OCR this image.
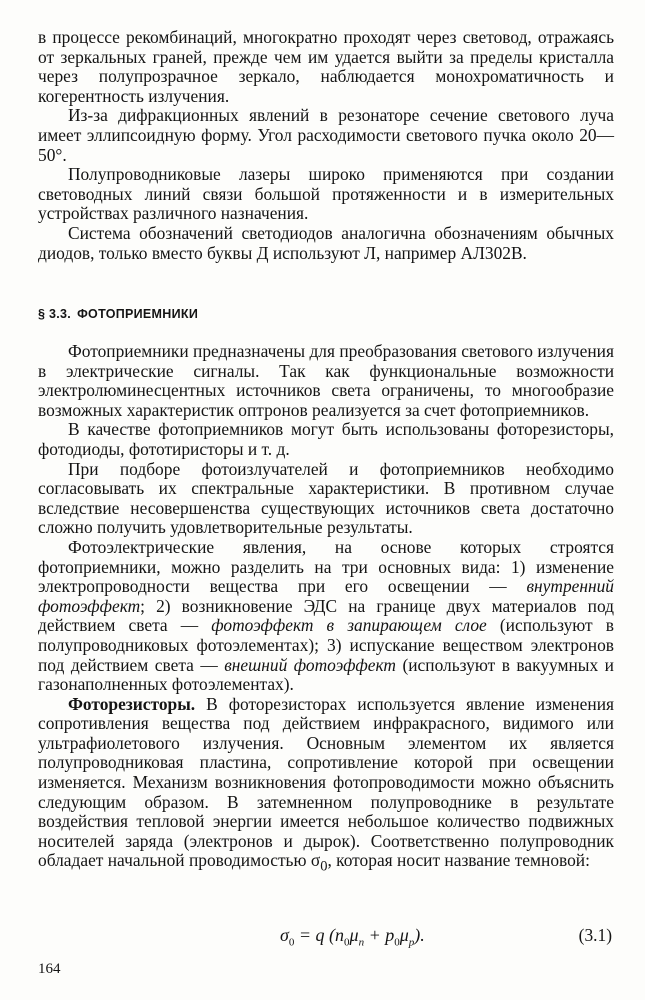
в процессе рекомбинаций, многократно проходят через световод, отражаясь от зеркальных граней, прежде чем им удается выйти за пределы кристалла через полупрозрачное зеркало, наблюдается монохроматичность и когерентность излучения.

Из-за дифракционных явлений в резонаторе сечение светового луча имеет эллипсоидную форму. Угол расходимости светового пучка около 20—50°.

Полупроводниковые лазеры широко применяются при создании световодных линий связи большой протяженности и в измерительных устройствах различного назначения.

Система обозначений светодиодов аналогична обозначениям обычных диодов, только вместо буквы Д используют Л, например АЛ302В.

§ 3.3. ФОТОПРИЕМНИКИ

Фотоприемники предназначены для преобразования светового излучения в электрические сигналы. Так как функциональные возможности электролюминесцентных источников света ограничены, то многообразие возможных характеристик оптронов реализуется за счет фотоприемников.

В качестве фотоприемников могут быть использованы фоторезисторы, фотодиоды, фототиристоры и т. д.

При подборе фотоизлучателей и фотоприемников необходимо согласовывать их спектральные характеристики. В противном случае вследствие несовершенства существующих источников света достаточно сложно получить удовлетворительные результаты.

Фотоэлектрические явления, на основе которых строятся фотоприемники, можно разделить на три основных вида: 1) изменение электропроводности вещества при его освещении — внутренний фотоэффект; 2) возникновение ЭДС на границе двух материалов под действием света — фотоэффект в запирающем слое (используют в полупроводниковых фотоэлементах); 3) испускание веществом электронов под действием света — внешний фотоэффект (используют в вакуумных и газонаполненных фотоэлементах).

Фоторезисторы. В фоторезисторах используется явление изменения сопротивления вещества под действием инфракрасного, видимого или ультрафиолетового излучения. Основным элементом их является полупроводниковая пластина, сопротивление которой при освещении изменяется. Механизм возникновения фотопроводимости можно объяснить следующим образом. В затемненном полупроводнике в результате воздействия тепловой энергии имеется небольшое количество подвижных носителей заряда (электронов и дырок). Соответственно полупроводник обладает начальной проводимостью $\sigma_0$, которая носит название темновой:

$\sigma_0 = q$ $(n_0\mu_n + p_0\mu_p)$.	(3.1)
164
